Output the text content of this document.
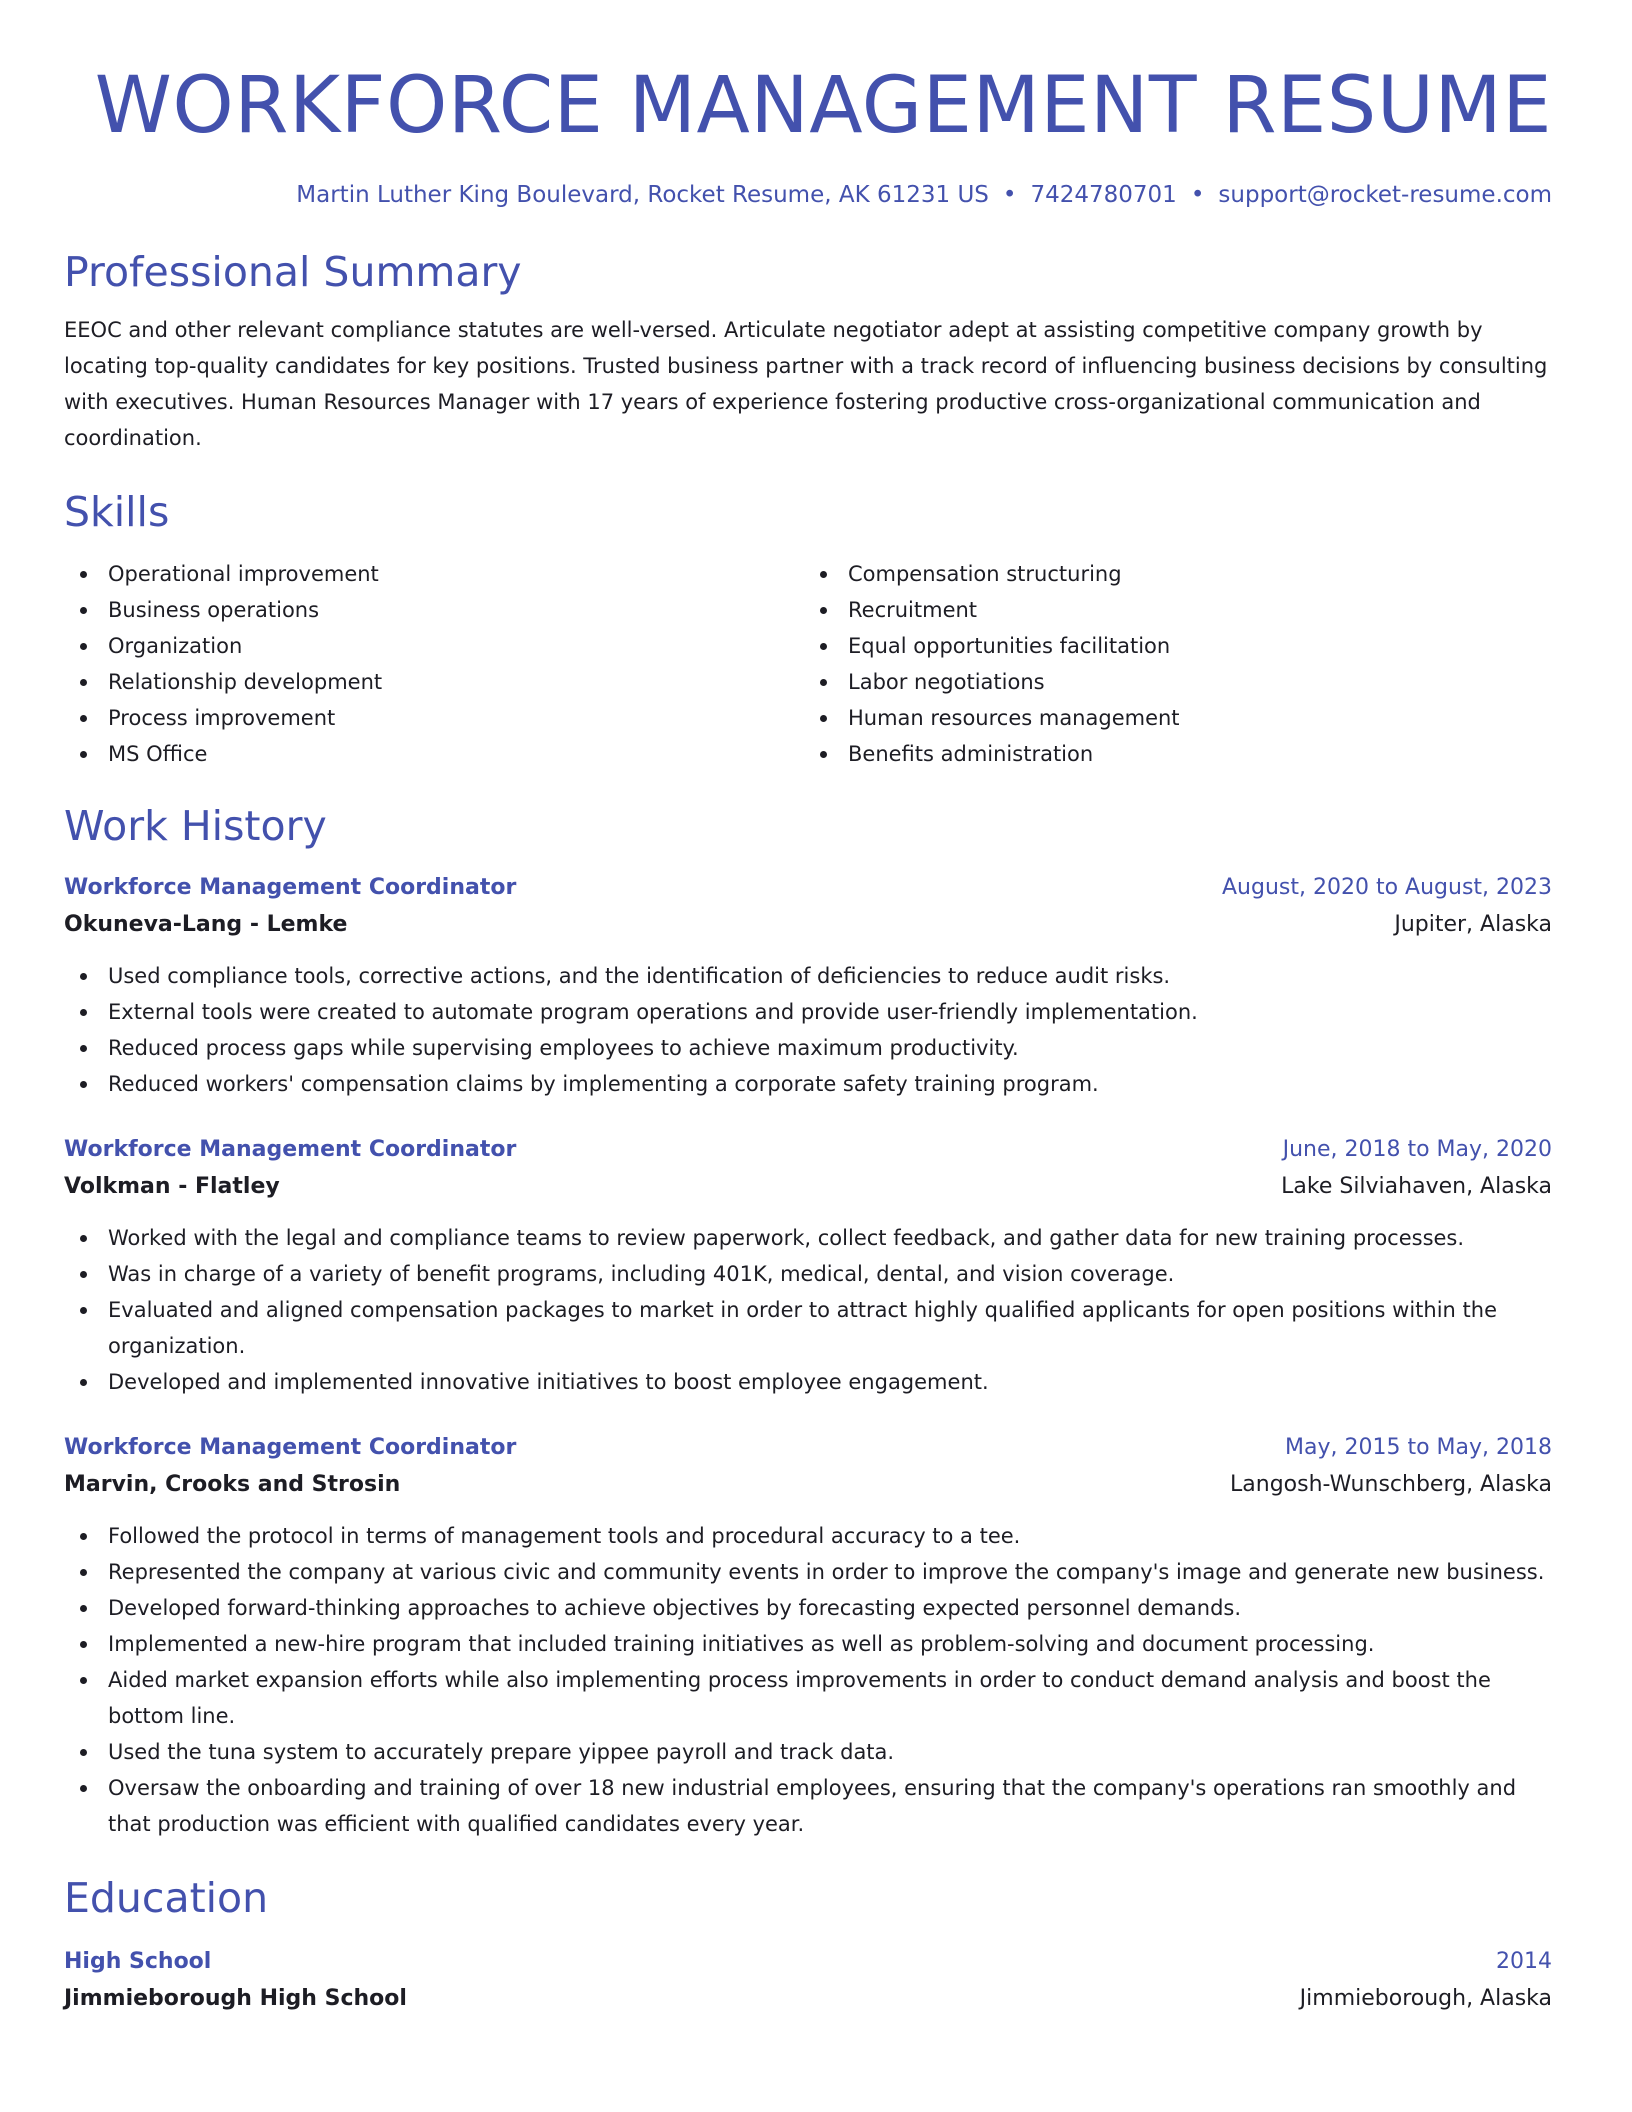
WORKFORCE MANAGEMENT RESUME
Martin Luther King Boulevard, Rocket Resume, AK 61231 US • 7424780701 • support@rocket-resume.com
Professional Summary

EEOC and other relevant compliance statutes are well-versed. Articulate negotiator adept at assisting competitive company growth by locating top-quality candidates for key positions. Trusted business partner with a track record of influencing business decisions by consulting with executives. Human Resources Manager with 17 years of experience fostering productive cross-organizational communication and coordination.

Skills
Operational improvement
Business operations
Organization
Relationship development
Process improvement
MS Office
Compensation structuring
Recruitment
Equal opportunities facilitation
Labor negotiations
Human resources management
Benefits administration
Work History
Workforce Management Coordinator	August, 2020 to August, 2023
Okuneva-Lang - Lemke	Jupiter, Alaska
Used compliance tools, corrective actions, and the identification of deficiencies to reduce audit risks.
External tools were created to automate program operations and provide user-friendly implementation.
Reduced process gaps while supervising employees to achieve maximum productivity.
Reduced workers' compensation claims by implementing a corporate safety training program.
Workforce Management Coordinator	June, 2018 to May, 2020
Volkman - Flatley	Lake Silviahaven, Alaska
Worked with the legal and compliance teams to review paperwork, collect feedback, and gather data for new training processes.
Was in charge of a variety of benefit programs, including 401K, medical, dental, and vision coverage.
Evaluated and aligned compensation packages to market in order to attract highly qualified applicants for open positions within the organization.
Developed and implemented innovative initiatives to boost employee engagement.
Workforce Management Coordinator	May, 2015 to May, 2018
Marvin, Crooks and Strosin	Langosh-Wunschberg, Alaska
Followed the protocol in terms of management tools and procedural accuracy to a tee.
Represented the company at various civic and community events in order to improve the company's image and generate new business.
Developed forward-thinking approaches to achieve objectives by forecasting expected personnel demands.
Implemented a new-hire program that included training initiatives as well as problem-solving and document processing.
Aided market expansion efforts while also implementing process improvements in order to conduct demand analysis and boost the bottom line.
Used the tuna system to accurately prepare yippee payroll and track data.
Oversaw the onboarding and training of over 18 new industrial employees, ensuring that the company's operations ran smoothly and that production was efficient with qualified candidates every year.
Education
High School	2014
Jimmieborough High School	Jimmieborough, Alaska
